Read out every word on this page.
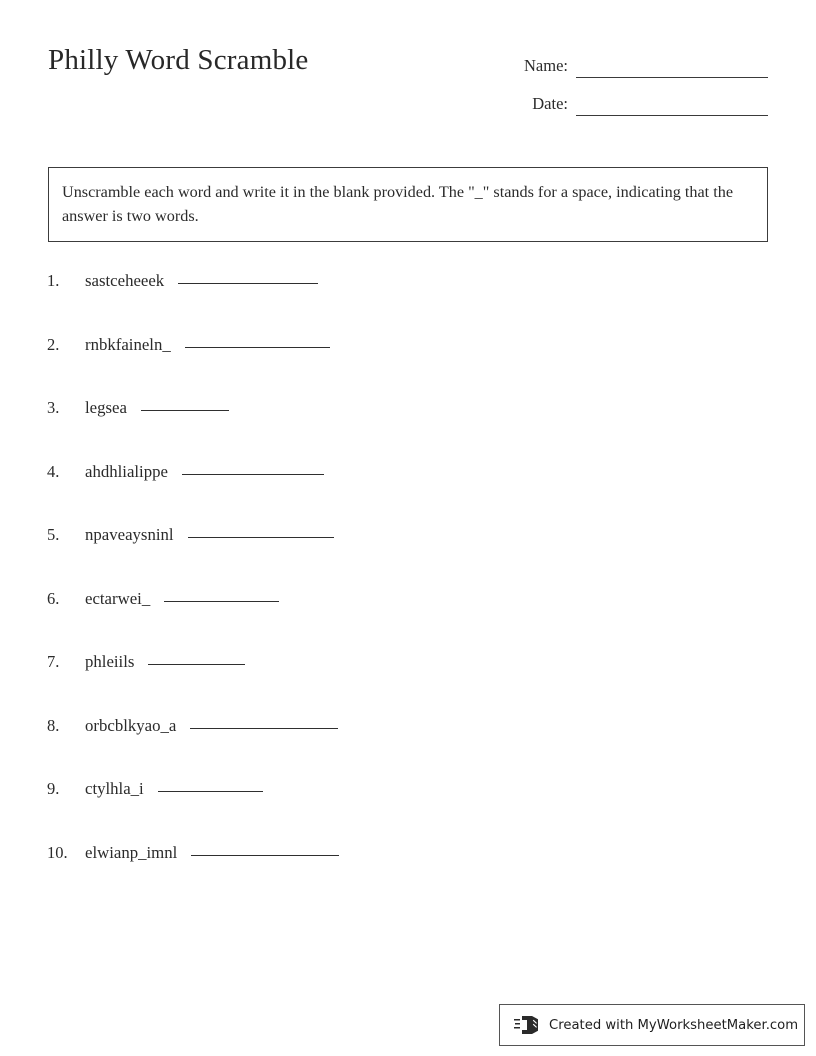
Philly Word Scramble	Name:
Date:
Unscramble each word and write it in the blank provided. The "_" stands for a space, indicating that the answer is two words.
1.	sastceheeek
2.	rnbkfaineln_
3.	legsea
4.	ahdhlialippe
5.	npaveaysninl
6.	ectarwei_
7.	phleiils
8.	orbcblkyao_a
9.	ctylhla_i
10.	elwianp_imnl
Created with MyWorksheetMaker.com
